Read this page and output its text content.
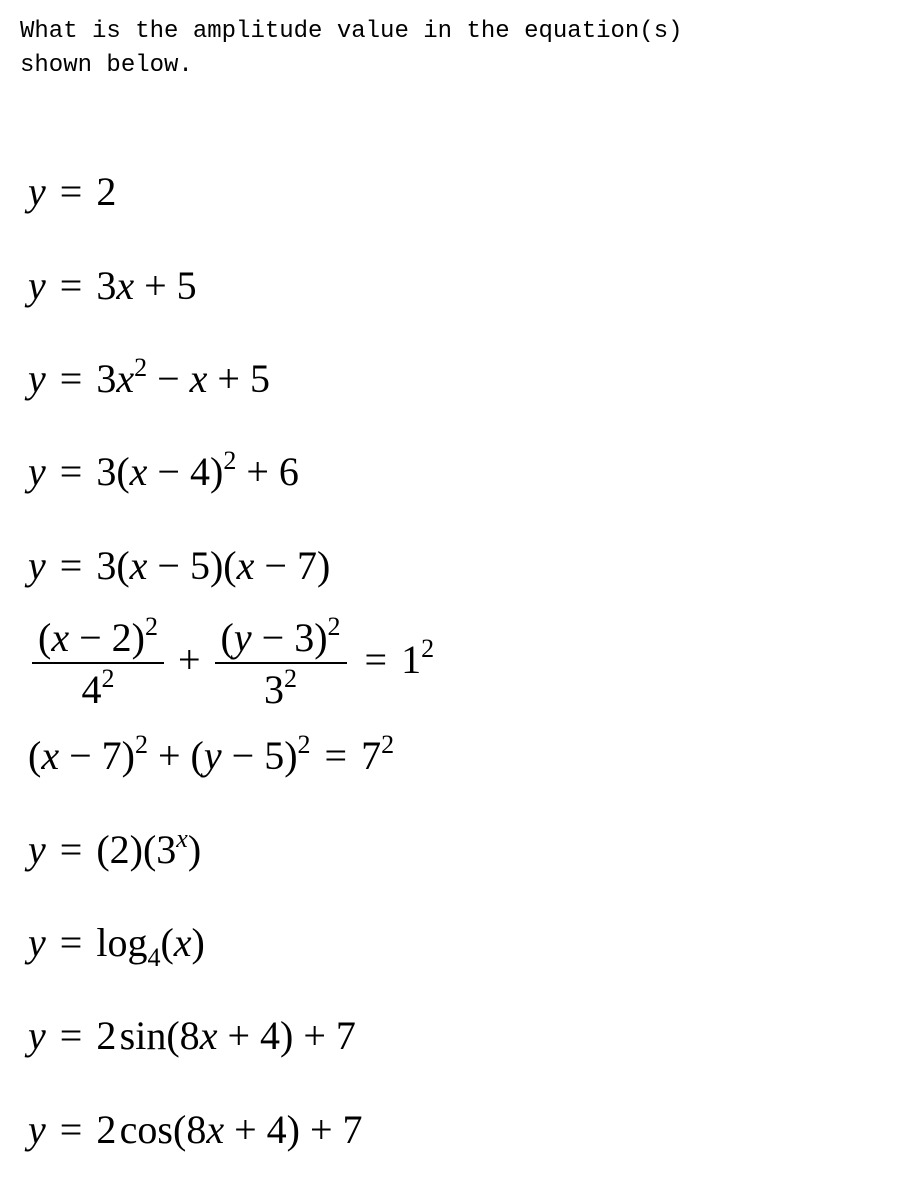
What is the amplitude value in the equation(s)
shown below.

y = 2
y = 3x + 5
$y = 3x^2 - x + 5$
$y = 3(x - 4)^2 + 6$
y = 3(x − 5)(x − 7)
$\frac{(x - 2)^2}{4^2} + \frac{(y - 3)^2}{3^2} = 1^2$
$(x - 7)^2 + (y - 5)^2 = 7^2$
$y = (2)(3^x)$
$y = \log_4(x)$
y = 2 sin(8x + 4) + 7
y = 2 cos(8x + 4) + 7
